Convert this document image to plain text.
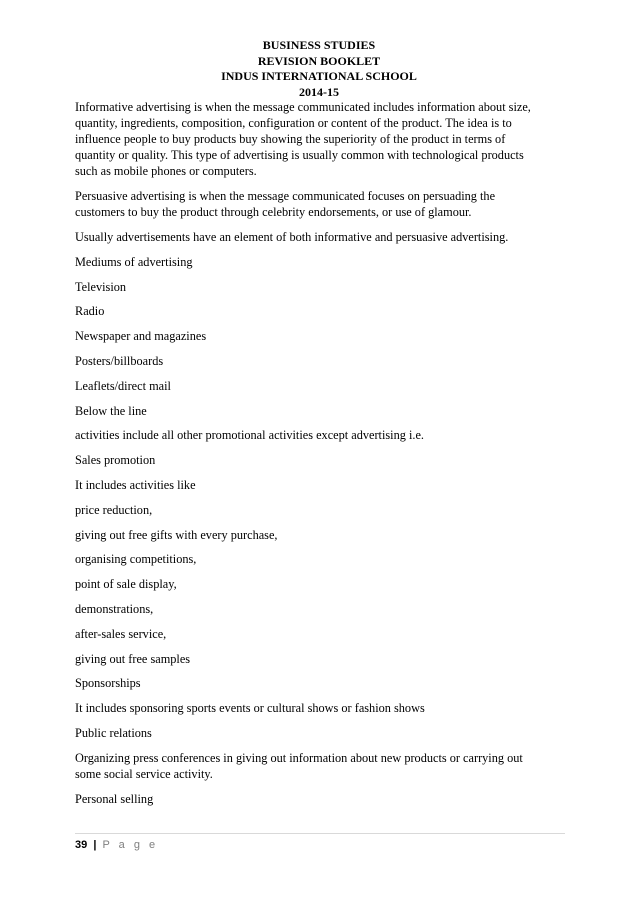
BUSINESS STUDIES
REVISION BOOKLET
INDUS INTERNATIONAL SCHOOL
2014-15
Informative advertising is when the message communicated includes information about size,
quantity, ingredients, composition, configuration or content of the product. The idea is to
influence people to buy products buy showing the superiority of the product in terms of
quantity or quality. This type of advertising is usually common with technological products
such as mobile phones or computers.
Persuasive advertising is when the message communicated focuses on persuading the
customers to buy the product through celebrity endorsements, or use of glamour.
Usually advertisements have an element of both informative and persuasive advertising.
Mediums of advertising
Television
Radio
Newspaper and magazines
Posters/billboards
Leaflets/direct mail
Below the line
activities include all other promotional activities except advertising i.e.
Sales promotion
It includes activities like
price reduction,
giving out free gifts with every purchase,
organising competitions,
point of sale display,
demonstrations,
after-sales service,
giving out free samples
Sponsorships
It includes sponsoring sports events or cultural shows or fashion shows
Public relations
Organizing press conferences in giving out information about new products or carrying out
some social service activity.
Personal selling
39 | P a g e
